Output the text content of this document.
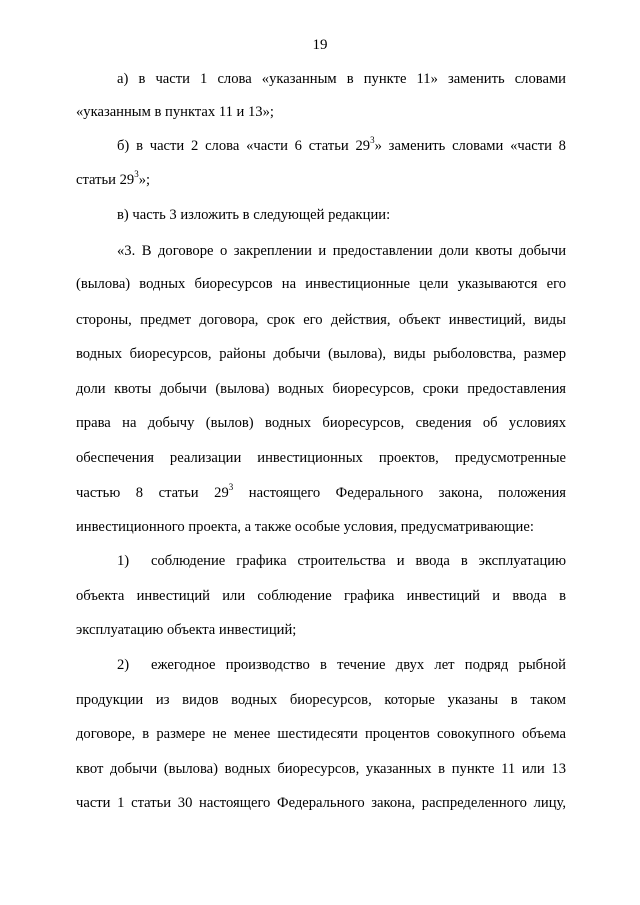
19
а) в части 1 слова «указанным в пункте 11» заменить словами
«указанным в пунктах 11 и 13»;
б) в части 2 слова «части 6 статьи $29^3$» заменить словами «части 8
статьи $29^3$»;
в) часть 3 изложить в следующей редакции:
«3. В договоре о закреплении и предоставлении доли квоты добычи
(вылова) водных биоресурсов на инвестиционные цели указываются его
стороны, предмет договора, срок его действия, объект инвестиций, виды
водных биоресурсов, районы добычи (вылова), виды рыболовства, размер
доли квоты добычи (вылова) водных биоресурсов, сроки предоставления
права на добычу (вылов) водных биоресурсов, сведения об условиях
обеспечения реализации инвестиционных проектов, предусмотренные
частью 8 статьи $29^3$ настоящего Федерального закона, положения
инвестиционного проекта, а также особые условия, предусматривающие:
1) соблюдение графика строительства и ввода в эксплуатацию
объекта инвестиций или соблюдение графика инвестиций и ввода в
эксплуатацию объекта инвестиций;
2) ежегодное производство в течение двух лет подряд рыбной
продукции из видов водных биоресурсов, которые указаны в таком
договоре, в размере не менее шестидесяти процентов совокупного объема
квот добычи (вылова) водных биоресурсов, указанных в пункте 11 или 13
части 1 статьи 30 настоящего Федерального закона, распределенного лицу,
